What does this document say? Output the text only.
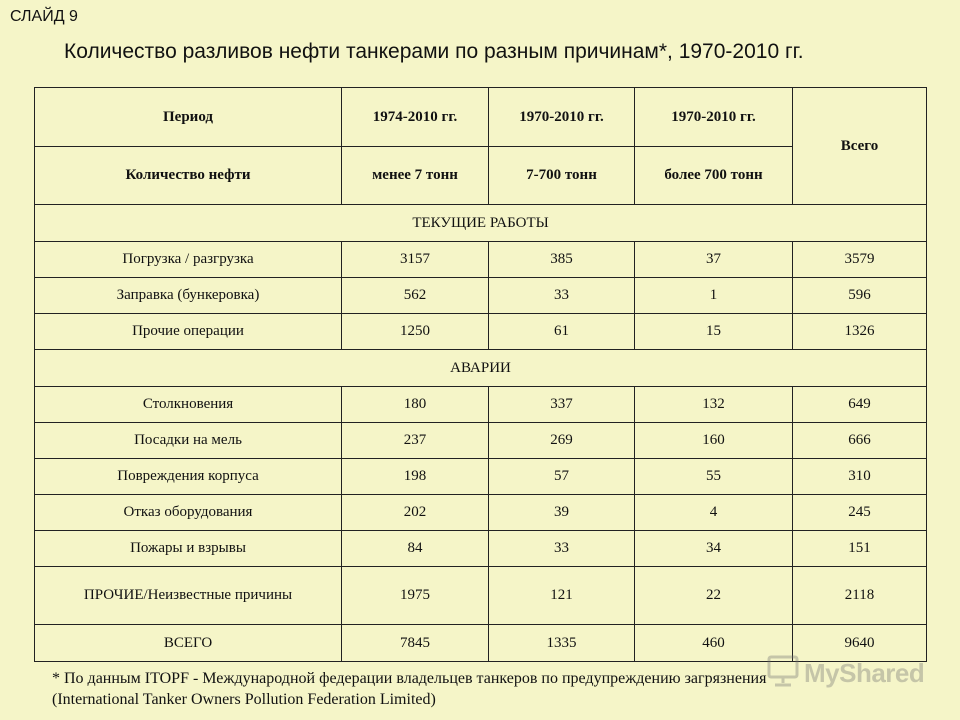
СЛАЙД 9
Количество разливов нефти танкерами по разным причинам*, 1970-2010 гг.
Период	1974-2010 гг.	1970-2010 гг.	1970-2010 гг.	Всего
Количество нефти	менее 7 тонн	7-700 тонн	более 700 тонн	
ТЕКУЩИЕ РАБОТЫ				
Погрузка / разгрузка	3157	385	37	3579
Заправка (бункеровка)	562	33	1	596
Прочие операции	1250	61	15	1326
АВАРИИ				
Столкновения	180	337	132	649
Посадки на мель	237	269	160	666
Повреждения корпуса	198	57	55	310
Отказ оборудования	202	39	4	245
Пожары и взрывы	84	33	34	151
ПРОЧИЕ/Неизвестные причины	1975	121	22	2118
ВСЕГО	7845	1335	460	9640
* По данным ITOPF - Международной федерации владельцев танкеров по предупреждению загрязнения
(International Tanker Owners Pollution Federation Limited)
MyShared
